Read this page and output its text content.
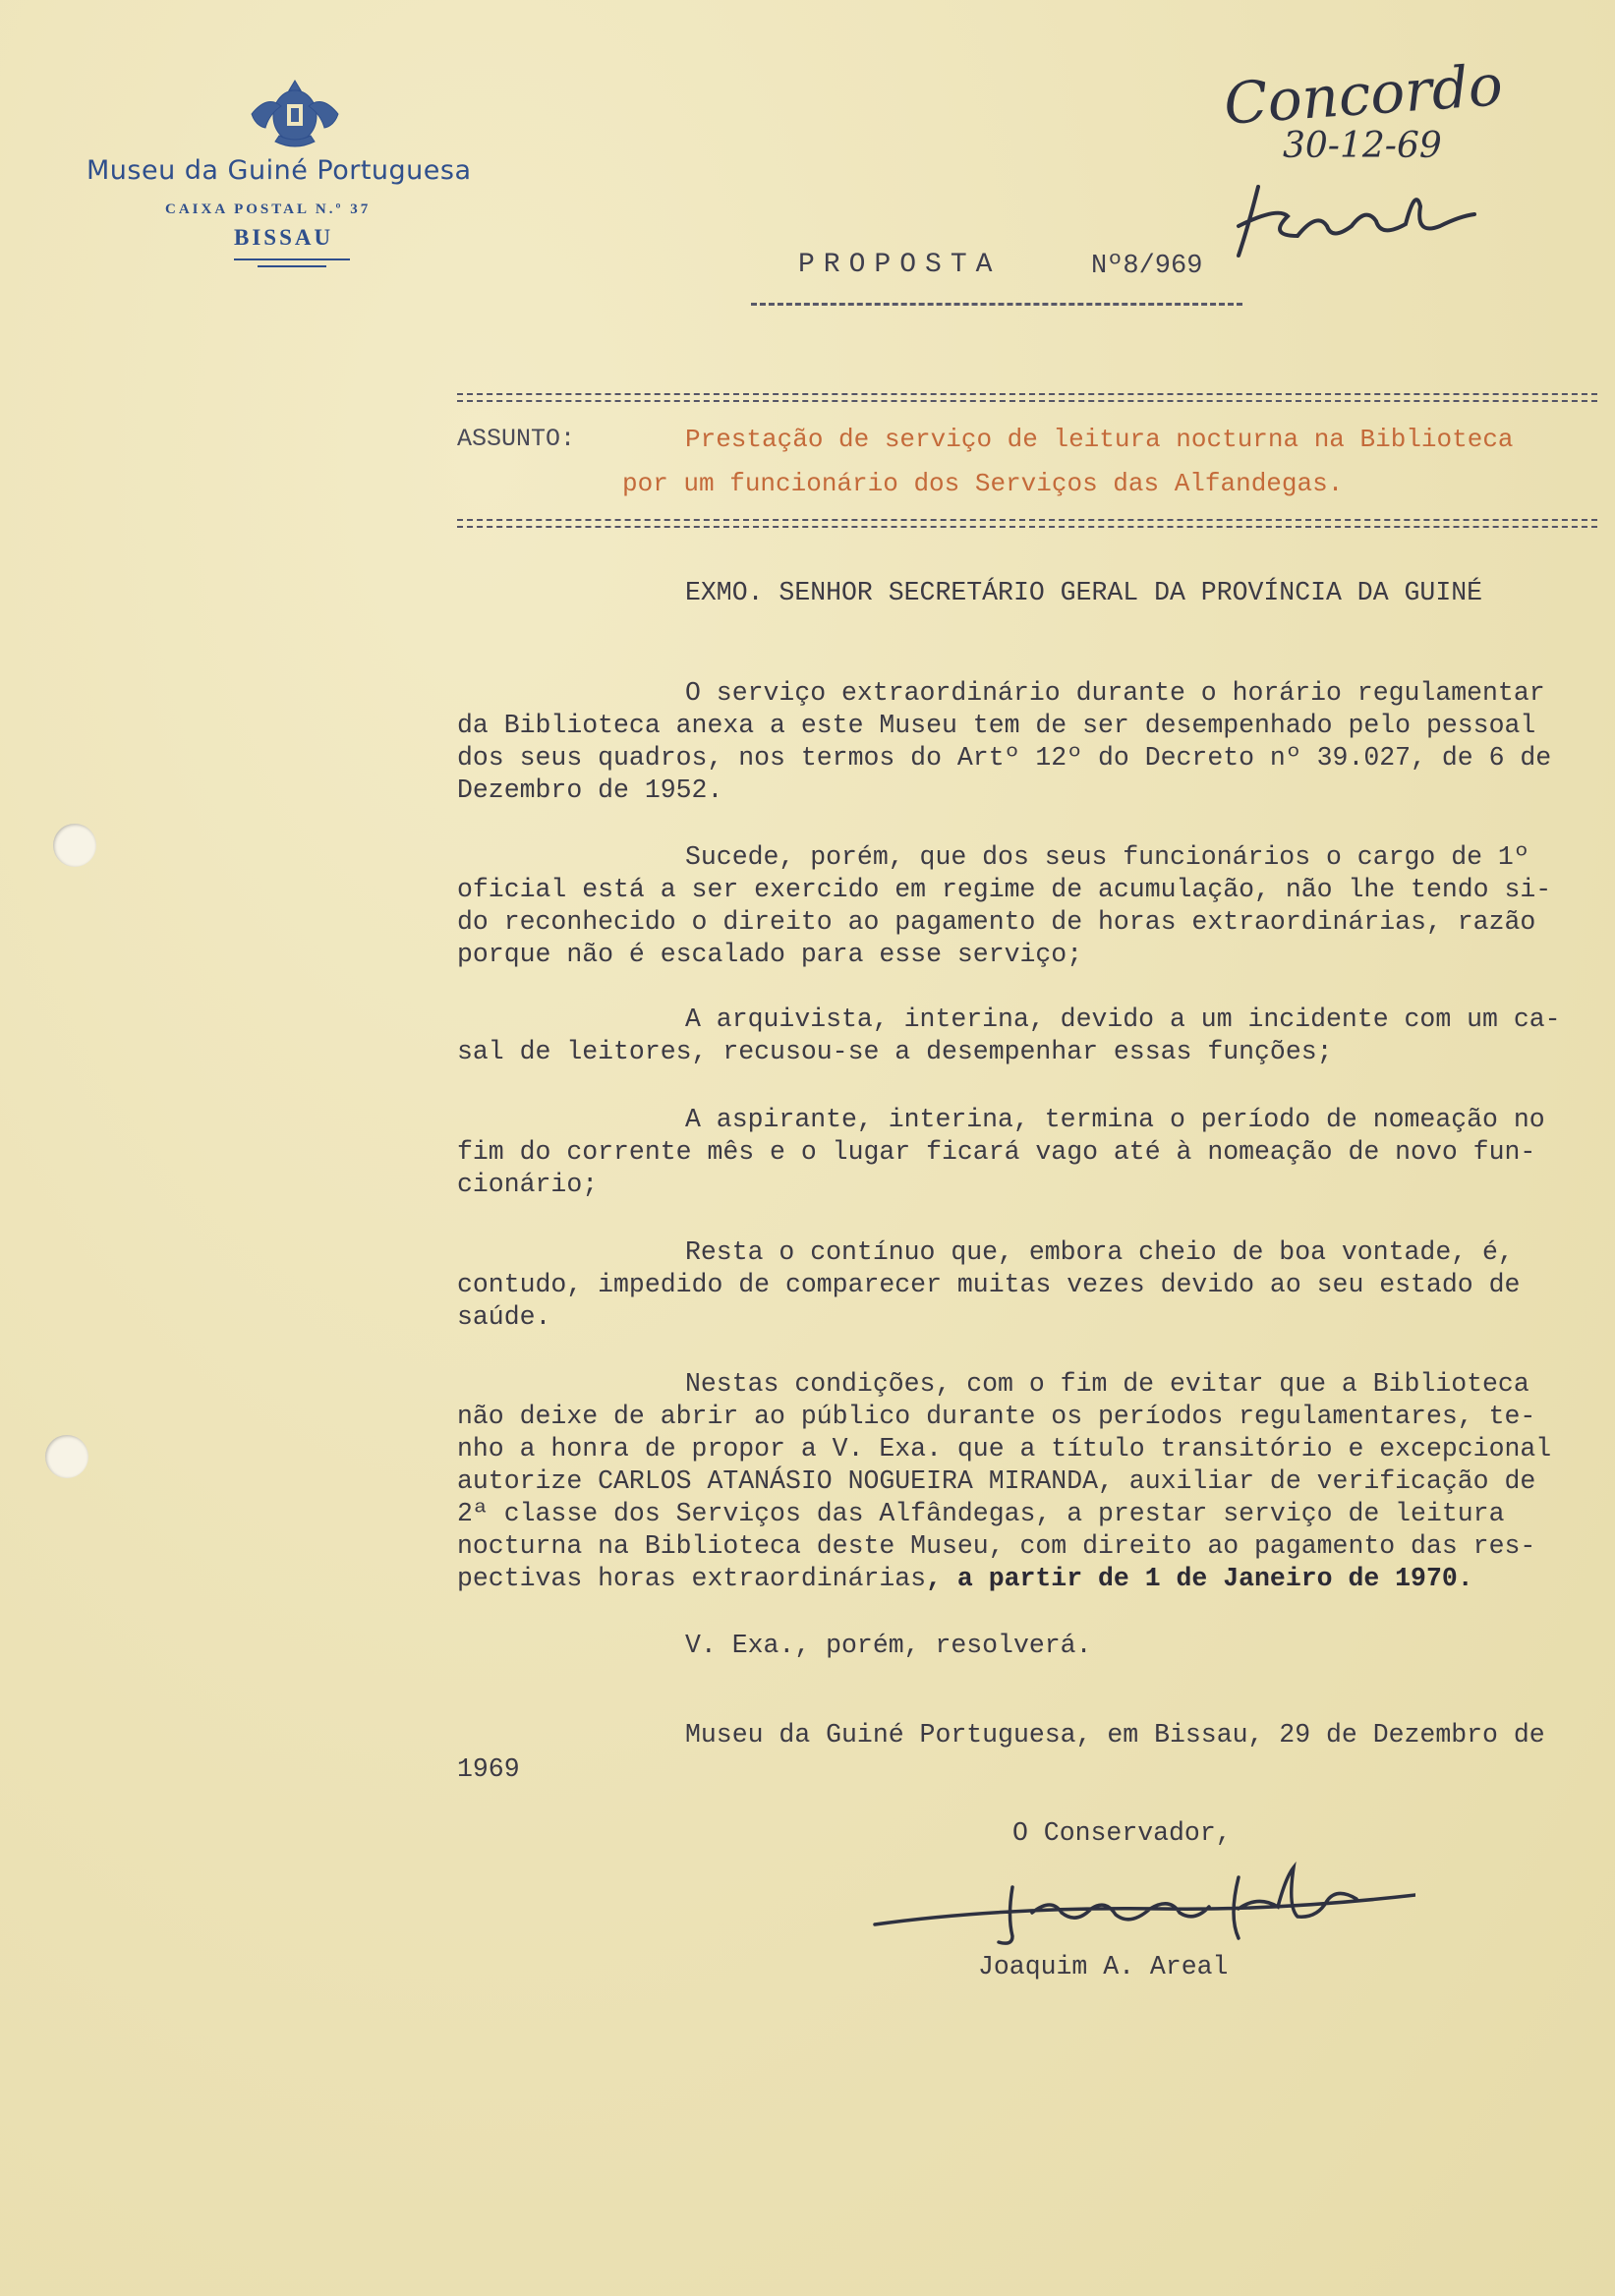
Museu da Guiné Portuguesa
CAIXA POSTAL N.º 37
BISSAU
Concordo
30-12-69
PROPOSTA	Nº8/969
ASSUNTO:	Prestação de serviço de leitura nocturna na Biblioteca
por um funcionário dos Serviços das Alfandegas.
EXMO. SENHOR SECRETÁRIO GERAL DA PROVÍNCIA DA GUINÉ
O serviço extraordinário durante o horário regulamentar
da Biblioteca anexa a este Museu tem de ser desempenhado pelo pessoal
dos seus quadros, nos termos do Artº 12º do Decreto nº 39.027, de 6 de
Dezembro de 1952.
Sucede, porém, que dos seus funcionários o cargo de 1º
oficial está a ser exercido em regime de acumulação, não lhe tendo si-
do reconhecido o direito ao pagamento de horas extraordinárias, razão
porque não é escalado para esse serviço;
A arquivista, interina, devido a um incidente com um ca-
sal de leitores, recusou-se a desempenhar essas funções;
A aspirante, interina, termina o período de nomeação no
fim do corrente mês e o lugar ficará vago até à nomeação de novo fun-
cionário;
Resta o contínuo que, embora cheio de boa vontade, é,
contudo, impedido de comparecer muitas vezes devido ao seu estado de
saúde.
Nestas condições, com o fim de evitar que a Biblioteca
não deixe de abrir ao público durante os períodos regulamentares, te-
nho a honra de propor a V. Exa. que a título transitório e excepcional
autorize CARLOS ATANÁSIO NOGUEIRA MIRANDA, auxiliar de verificação de
2ª classe dos Serviços das Alfândegas, a prestar serviço de leitura
nocturna na Biblioteca deste Museu, com direito ao pagamento das res-
pectivas horas extraordinárias, a partir de 1 de Janeiro de 1970.
V. Exa., porém, resolverá.
Museu da Guiné Portuguesa, em Bissau, 29 de Dezembro de
1969
O Conservador,
Joaquim A. Areal
